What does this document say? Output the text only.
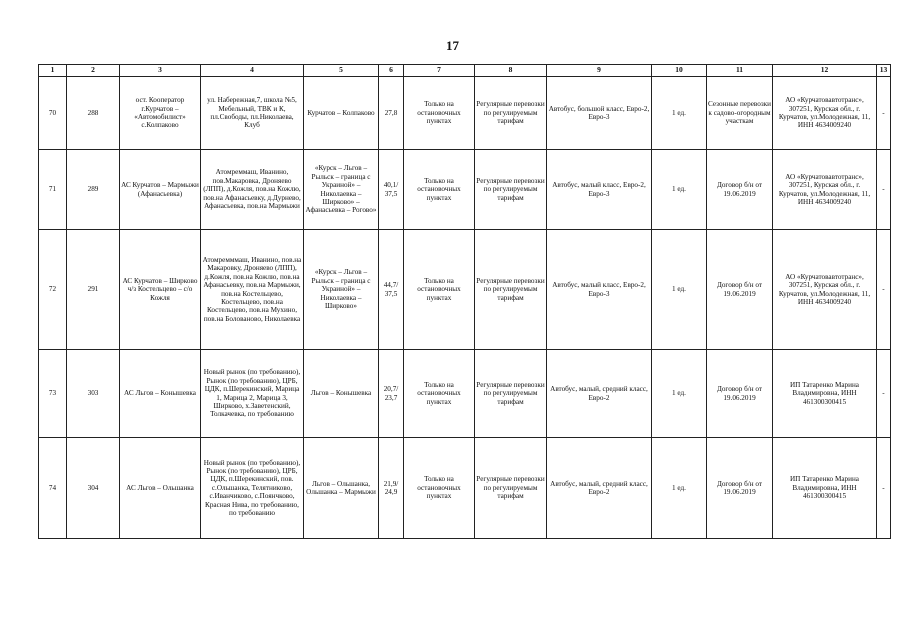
17
1	2	3	4	5	6	7	8	9	10	11	12	13
70	288	ост. Кооператор г.Курчатов – «Автомобилист» с.Колпаково	ул. Набережная,7, школа №5, Мебельный, ТВК и К, пл.Свободы, пл.Николаева, Клуб	Курчатов – Колпаково	27,8	Только на остановочных пунктах	Регулярные перевозки по регулируемым тарифам	Автобус, большой класс, Евро-2, Евро-3	1 ед.	Сезонные перевозки к садово-огородным участкам	АО «Курчатовавтотранс», 307251, Курская обл., г. Курчатов, ул.Молодежная, 11, ИНН 4634009240	-
71	289	АС Курчатов – Мармыжи (Афанасьевка)	Атомреммаш, Иванино, пов.Макаровка, Дроняево (ЛПП), д.Кожля, пов.на Кожлю, пов.на Афанасьевку, д.Дурнево, Афанасьевка, пов.на Мармыжи	«Курск – Льгов – Рыльск – граница с Украиной» – Николаевка – Ширково» – Афанасьевка – Рогово»	40,1/ 37,5	Только на остановочных пунктах	Регулярные перевозки по регулируемым тарифам	Автобус, малый класс, Евро-2, Евро-3	1 ед.	Договор б/н от 19.06.2019	АО «Курчатовавтотранс», 307251, Курская обл., г. Курчатов, ул.Молодежная, 11, ИНН 4634009240	-
72	291	АС Курчатов – Ширково ч/з Костельцево – с/о Кожля	Атомремммаш, Иванино, пов.на Макаровку, Дроняево (ЛПП), д.Кожля, пов.на Кожлю, пов.на Афанасьевку, пов.на Мармыжи, пов.на Костельцево, Костельцево, пов.на Костельцево, пов.на Мухино, пов.на Болованово, Николаевка	«Курск – Льгов – Рыльск – граница с Украиной» – Николаевка – Ширково»	44,7/ 37,5	Только на остановочных пунктах	Регулярные перевозки по регулируемым тарифам	Автобус, малый класс, Евро-2, Евро-3	1 ед.	Договор б/н от 19.06.2019	АО «Курчатовавтотранс», 307251, Курская обл., г. Курчатов, ул.Молодежная, 11, ИНН 4634009240	-
73	303	АС Льгов – Конышевка	Новый рынок (по требованию), Рынок (по требованию), ЦРБ, ЦДК, п.Шерекинский, Марица 1, Марица 2, Марица 3, Ширково, х.Заветенский, Толкачевка, по требованию	Льгов – Конышевка	20,7/ 23,7	Только на остановочных пунктах	Регулярные перевозки по регулируемым тарифам	Автобус, малый, средний класс, Евро-2	1 ед.	Договор б/н от 19.06.2019	ИП Татаренко Марина Владимировна, ИНН 461300300415	-
74	304	АС Льгов – Ольшанка	Новый рынок (по требованию), Рынок (по требованию), ЦРБ, ЦДК, п.Шерекинский, пов. с.Ольшанка, Телятниково, с.Иванчиково, с.Поянчково, Красная Нива, по требованию, по требованию	Льгов – Ольшанка, Ольшанка – Мармыжи	21,9/ 24,9	Только на остановочных пунктах	Регулярные перевозки по регулируемым тарифам	Автобус, малый, средний класс, Евро-2	1 ед.	Договор б/н от 19.06.2019	ИП Татаренко Марина Владимировна, ИНН 461300300415	-
